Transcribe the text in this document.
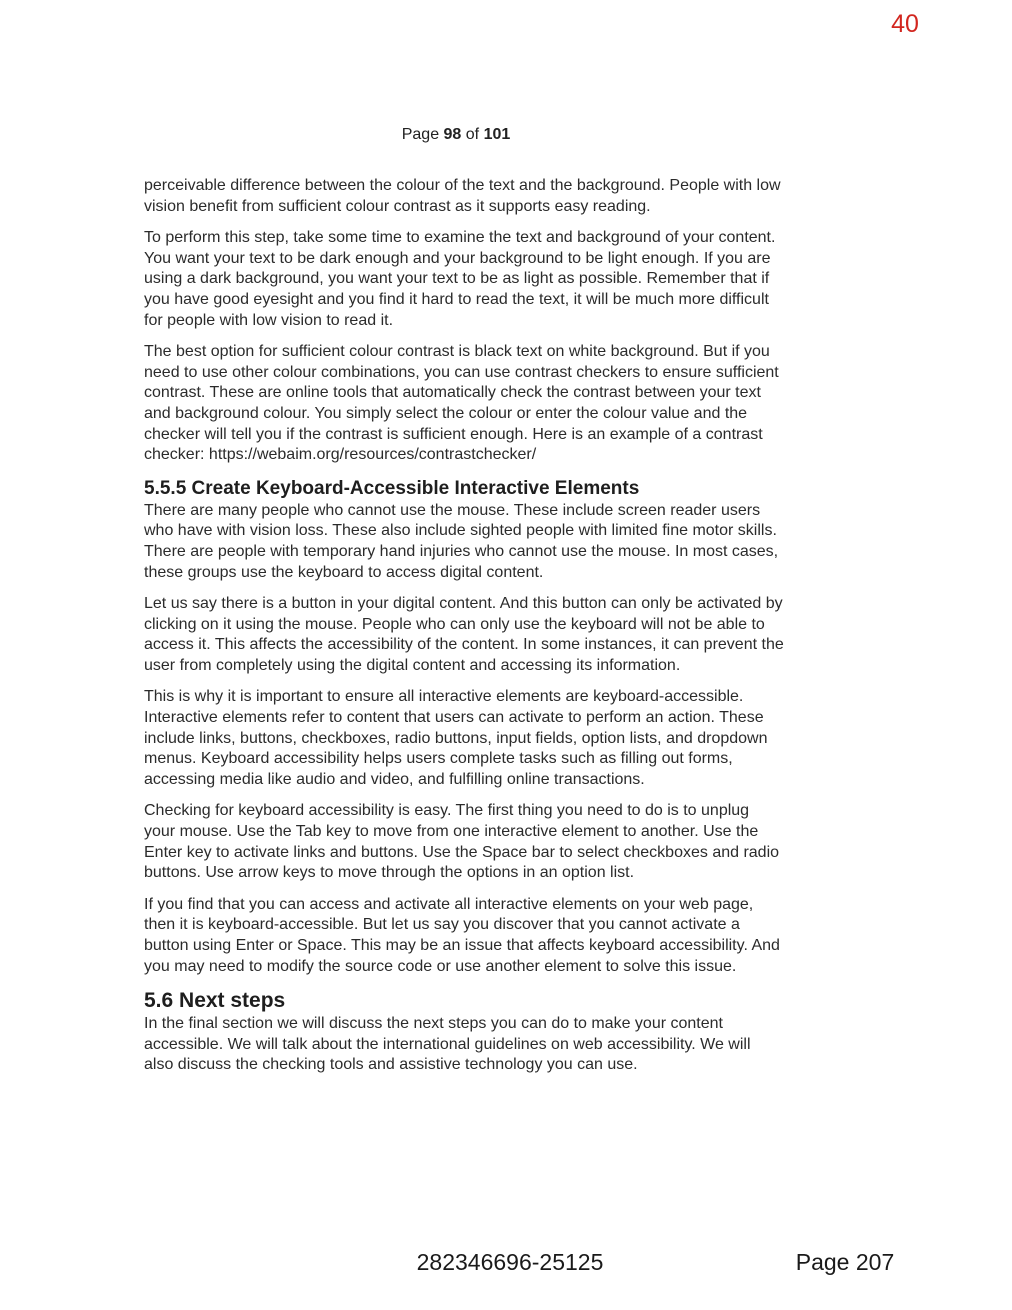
40
Page 98 of 101

perceivable difference between the colour of the text and the background. People with low vision benefit from sufficient colour contrast as it supports easy reading.

To perform this step, take some time to examine the text and background of your content. You want your text to be dark enough and your background to be light enough. If you are using a dark background, you want your text to be as light as possible. Remember that if you have good eyesight and you find it hard to read the text, it will be much more difficult for people with low vision to read it.

The best option for sufficient colour contrast is black text on white background. But if you need to use other colour combinations, you can use contrast checkers to ensure sufficient contrast. These are online tools that automatically check the contrast between your text and background colour. You simply select the colour or enter the colour value and the checker will tell you if the contrast is sufficient enough. Here is an example of a contrast checker: https://webaim.org/resources/contrastchecker/

5.5.5 Create Keyboard-Accessible Interactive Elements

There are many people who cannot use the mouse. These include screen reader users who have with vision loss. These also include sighted people with limited fine motor skills. There are people with temporary hand injuries who cannot use the mouse. In most cases, these groups use the keyboard to access digital content.

Let us say there is a button in your digital content. And this button can only be activated by clicking on it using the mouse. People who can only use the keyboard will not be able to access it. This affects the accessibility of the content. In some instances, it can prevent the user from completely using the digital content and accessing its information.

This is why it is important to ensure all interactive elements are keyboard-accessible. Interactive elements refer to content that users can activate to perform an action. These include links, buttons, checkboxes, radio buttons, input fields, option lists, and dropdown menus. Keyboard accessibility helps users complete tasks such as filling out forms, accessing media like audio and video, and fulfilling online transactions.

Checking for keyboard accessibility is easy. The first thing you need to do is to unplug your mouse. Use the Tab key to move from one interactive element to another. Use the Enter key to activate links and buttons. Use the Space bar to select checkboxes and radio buttons. Use arrow keys to move through the options in an option list.

If you find that you can access and activate all interactive elements on your web page, then it is keyboard-accessible. But let us say you discover that you cannot activate a button using Enter or Space. This may be an issue that affects keyboard accessibility. And you may need to modify the source code or use another element to solve this issue.

5.6 Next steps

In the final section we will discuss the next steps you can do to make your content accessible. We will talk about the international guidelines on web accessibility. We will also discuss the checking tools and assistive technology you can use.

282346696-25125	Page 207
